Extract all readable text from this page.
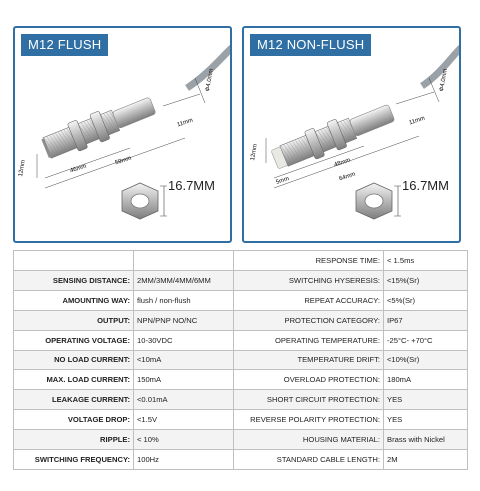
M12 FLUSH
Φ4.0mm
12mm	46mm
59mm
11mm
16.7MM
M12 NON-FLUSH
Φ4.0mm
12mm
5mm
48mm
64mm
11mm
16.7MM
		RESPONSE TIME:	< 1.5ms
SENSING DISTANCE:	2MM/3MM/4MM/6MM	SWITCHING HYSERESIS:	<15%(Sr)
AMOUNTING WAY:	flush / non-flush	REPEAT ACCURACY:	<5%(Sr)
OUTPUT:	NPN/PNP NO/NC	PROTECTION CATEGORY:	IP67
OPERATING VOLTAGE:	10-30VDC	OPERATING TEMPERATURE:	-25°C- +70°C
NO LOAD CURRENT:	<10mA	TEMPERATURE DRIFT:	<10%(Sr)
MAX. LOAD CURRENT:	150mA	OVERLOAD PROTECTION:	180mA
LEAKAGE CURRENT:	<0.01mA	SHORT CIRCUIT PROTECTION:	YES
VOLTAGE DROP:	<1.5V	REVERSE POLARITY PROTECTION:	YES
RIPPLE:	< 10%	HOUSING MATERIAL:	Brass with Nickel
SWITCHING FREQUENCY:	100Hz	STANDARD CABLE LENGTH:	2M
